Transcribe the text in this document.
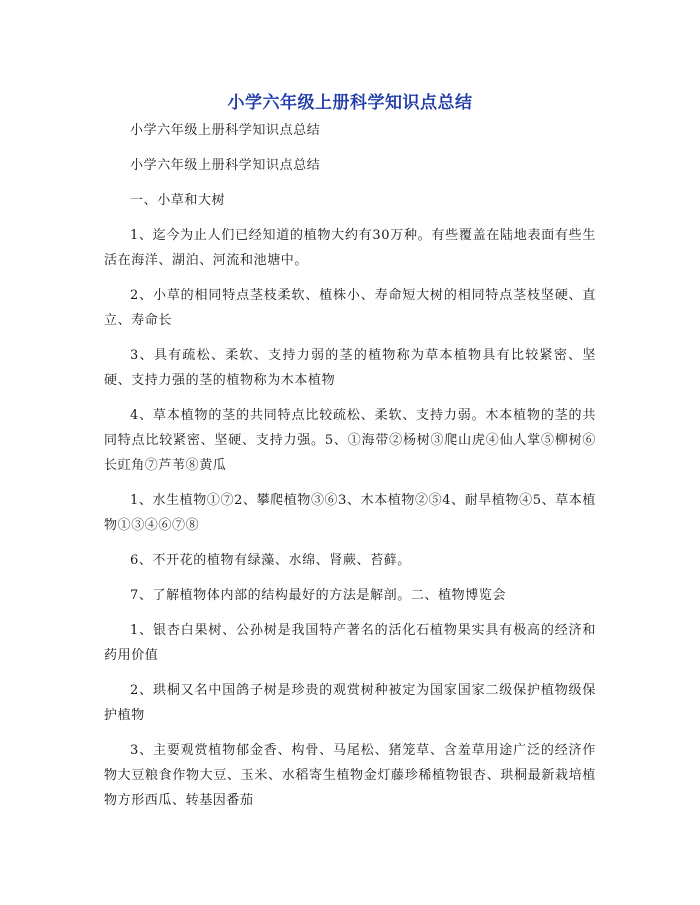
小学六年级上册科学知识点总结

小学六年级上册科学知识点总结

小学六年级上册科学知识点总结

一、小草和大树

1、迄今为止人们已经知道的植物大约有30万种。有些覆盖在陆地表面有些生活在海洋、湖泊、河流和池塘中。

2、小草的相同特点茎枝柔软、植株小、寿命短大树的相同特点茎枝坚硬、直立、寿命长

3、具有疏松、柔软、支持力弱的茎的植物称为草本植物具有比较紧密、坚硬、支持力强的茎的植物称为木本植物

4、草本植物的茎的共同特点比较疏松、柔软、支持力弱。木本植物的茎的共同特点比较紧密、坚硬、支持力强。5、①海带②杨树③爬山虎④仙人掌⑤柳树⑥长豇角⑦芦苇⑧黄瓜

1、水生植物①⑦2、攀爬植物③⑥3、木本植物②⑤4、耐旱植物④5、草本植物①③④⑥⑦⑧

6、不开花的植物有绿藻、水绵、肾蕨、苔藓。

7、了解植物体内部的结构最好的方法是解剖。二、植物博览会

1、银杏白果树、公孙树是我国特产著名的活化石植物果实具有极高的经济和药用价值

2、珙桐又名中国鸽子树是珍贵的观赏树种被定为国家国家二级保护植物级保护植物

3、主要观赏植物郁金香、构骨、马尾松、猪笼草、含羞草用途广泛的经济作物大豆粮食作物大豆、玉米、水稻寄生植物金灯藤珍稀植物银杏、珙桐最新栽培植物方形西瓜、转基因番茄
